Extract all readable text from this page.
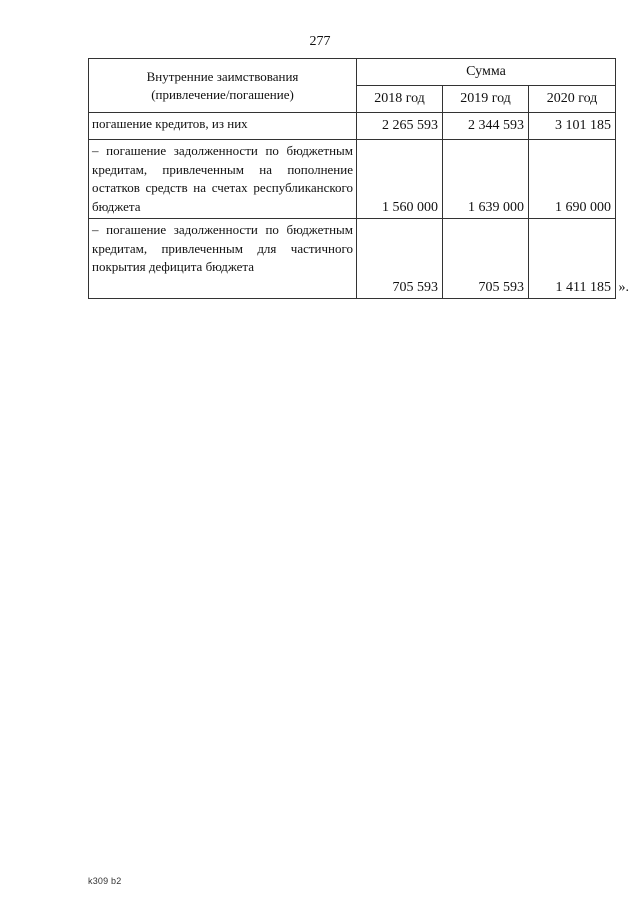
277
Внутренние заимствования
(привлечение/погашение)	Сумма		
	2018 год	2019 год	2020 год
погашение кредитов, из них	2 265 593	2 344 593	3 101 185
– погашение задолженности по бюджетным кредитам, привлеченным на пополнение остатков средств на счетах республиканского бюджета	1 560 000	1 639 000	1 690 000
– погашение задолженности по бюджетным кредитам, привлеченным для частичного покрытия дефицита бюджета	705 593	705 593	1 411 185 ».
k309 b2
